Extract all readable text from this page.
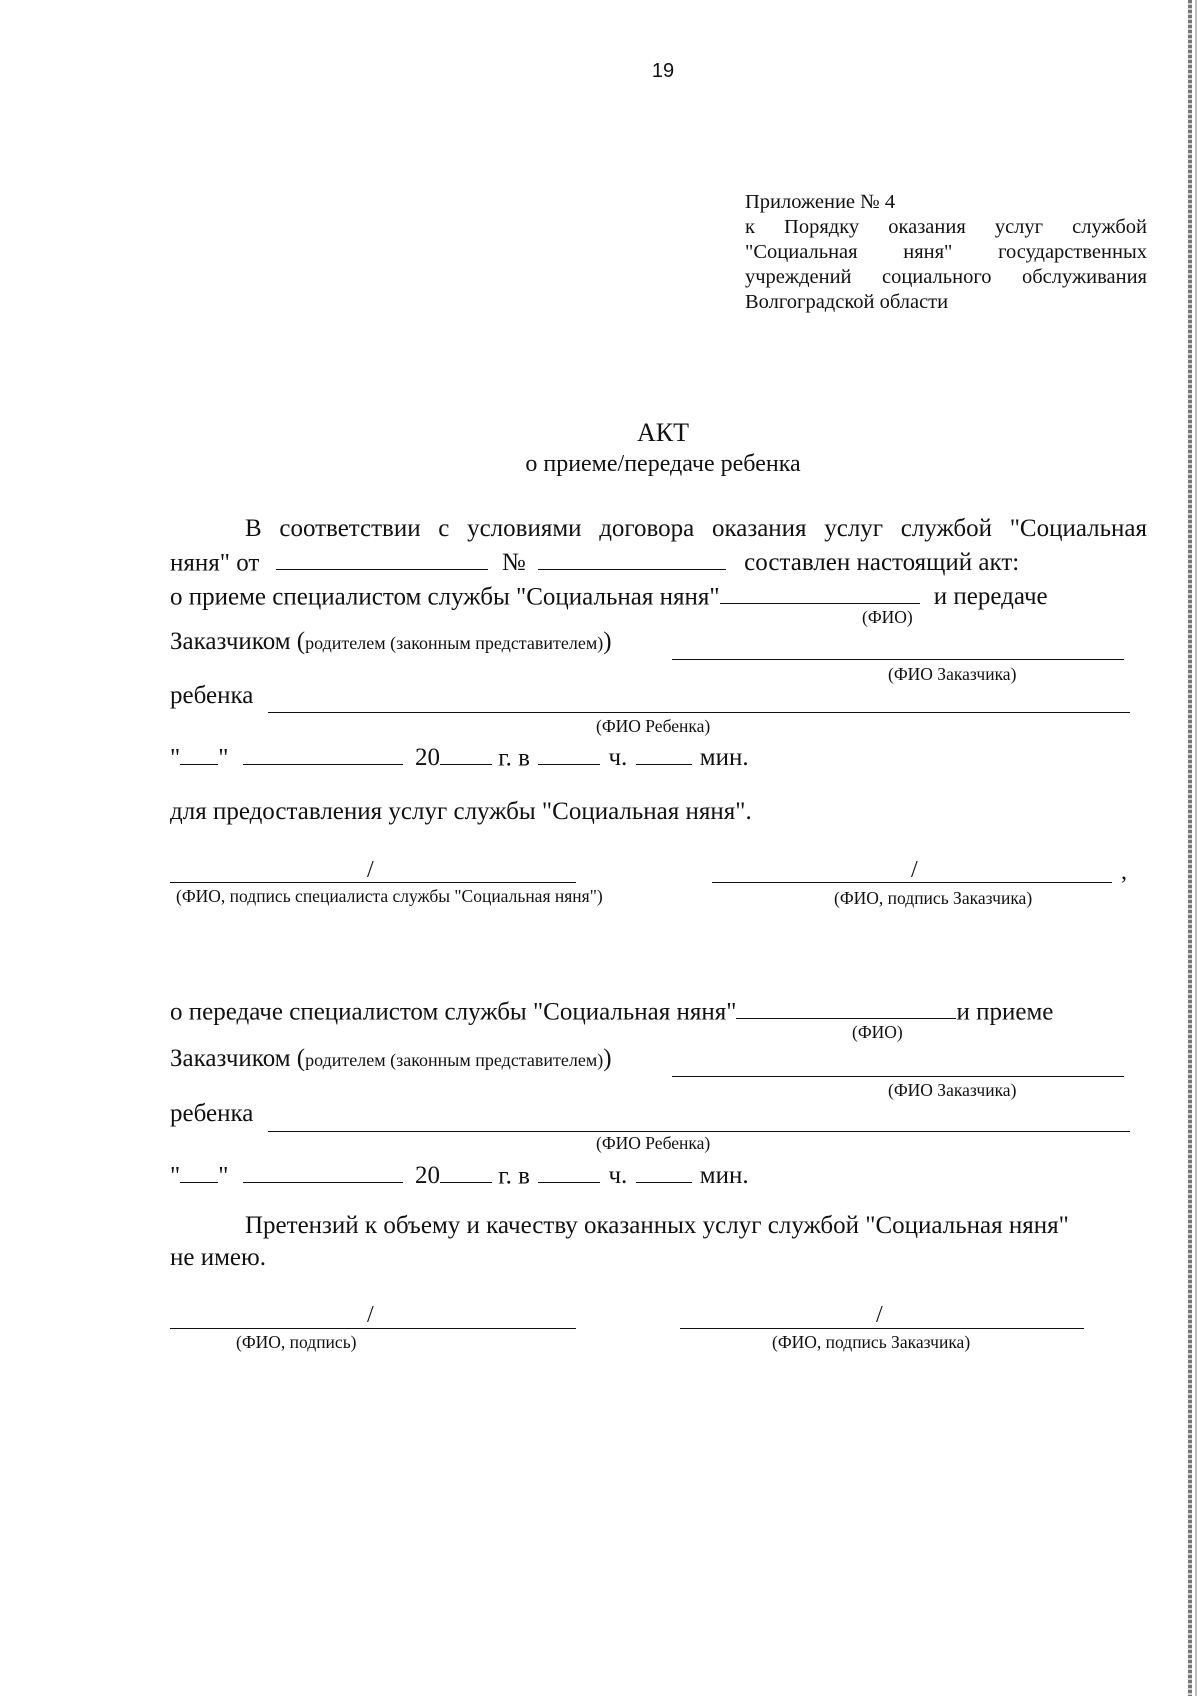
19
Приложение № 4
к Порядку оказания услуг службой
"Социальная няня" государственных
учреждений социального обслуживания
Волгоградской области
АКТ
о приеме/передаче ребенка
В соответствии с условиями договора оказания услуг службой "Социальная
няня" от	№	составлен настоящий акт:
о приеме специалистом службы "Социальная няня"	и передаче
(ФИО)
Заказчиком (родителем (законным представителем))
(ФИО Заказчика)
ребенка
(ФИО Ребенка)
" "	20 г. в	ч.	мин.
для предоставления услуг службы "Социальная няня".
/
(ФИО, подпись специалиста службы "Социальная няня")
/	,
(ФИО, подпись Заказчика)
о передаче специалистом службы "Социальная няня"	и приеме
(ФИО)
Заказчиком (родителем (законным представителем))
(ФИО Заказчика)
ребенка
(ФИО Ребенка)
" "	20 г. в	ч.	мин.
Претензий к объему и качеству оказанных услуг службой "Социальная няня"
не имею.
/
(ФИО, подпись)
/
(ФИО, подпись Заказчика)
